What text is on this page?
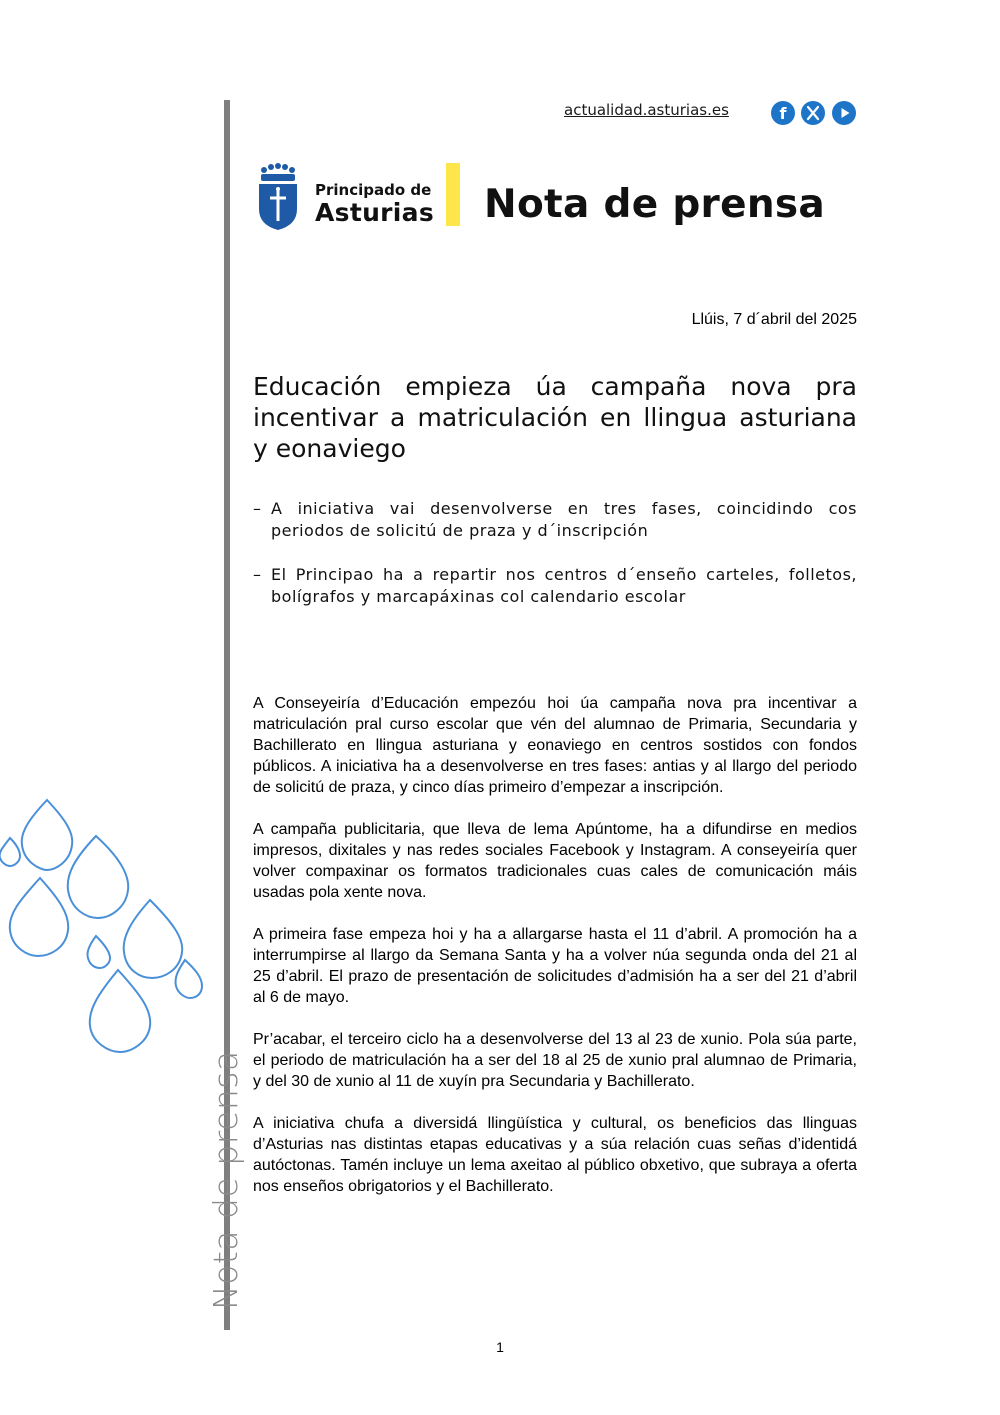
Nota de prensa
actualidad.asturias.es	f
Principado de
Asturias Nota de prensa
Llúis, 7 d´abril del 2025
Educación empieza úa campaña nova pra incentivar a matriculación en llingua asturiana y eonaviego
– A iniciativa vai desenvolverse en tres fases, coincidindo cos periodos de solicitú de praza y d´inscripción
– El Principao ha a repartir nos centros d´enseño carteles, folletos, bolígrafos y marcapáxinas col calendario escolar

A Conseyeiría d’Educación empezóu hoi úa campaña nova pra incentivar a matriculación pral curso escolar que vén del alumnao de Primaria, Secundaria y Bachillerato en llingua asturiana y eonaviego en centros sostidos con fondos públicos. A iniciativa ha a desenvolverse en tres fases: antias y al llargo del periodo de solicitú de praza, y cinco días primeiro d’empezar a inscripción.

A campaña publicitaria, que lleva de lema Apúntome, ha a difundirse en medios impresos, dixitales y nas redes sociales Facebook y Instagram. A conseyeiría quer volver compaxinar os formatos tradicionales cuas cales de comunicación máis usadas pola xente nova.

A primeira fase empeza hoi y ha a allargarse hasta el 11 d’abril. A promoción ha a interrumpirse al llargo da Semana Santa y ha a volver núa segunda onda del 21 al 25 d’abril. El prazo de presentación de solicitudes d’admisión ha a ser del 21 d’abril al 6 de mayo.

Pr’acabar, el terceiro ciclo ha a desenvolverse del 13 al 23 de xunio. Pola súa parte, el periodo de matriculación ha a ser del 18 al 25 de xunio pral alumnao de Primaria, y del 30 de xunio al 11 de xuyín pra Secundaria y Bachillerato.

A iniciativa chufa a diversidá llingüística y cultural, os beneficios das llinguas d’Asturias nas distintas etapas educativas y a súa relación cuas señas d’identidá autóctonas. Tamén incluye un lema axeitao al público obxetivo, que subraya a oferta nos enseños obrigatorios y el Bachillerato.

1
